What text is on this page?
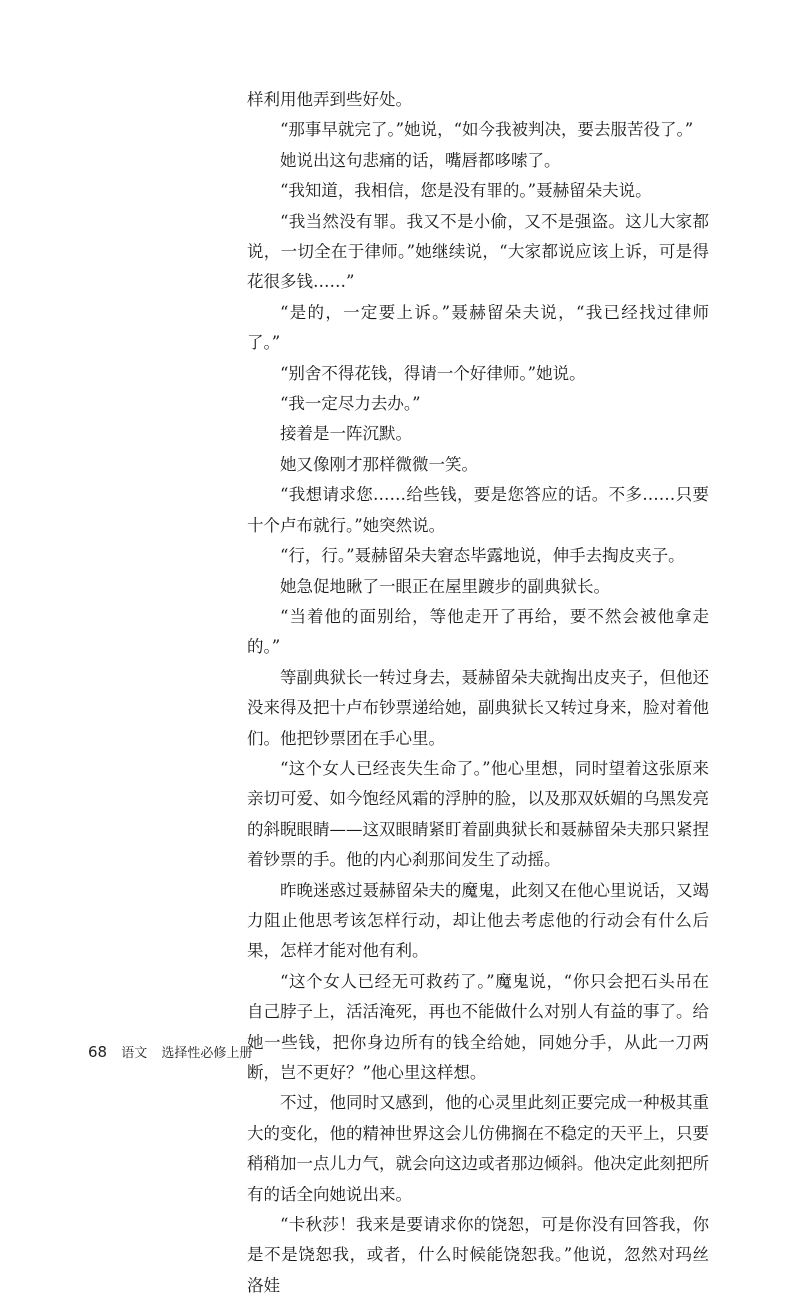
样利用他弄到些好处。

“那事早就完了。”她说，“如今我被判决，要去服苦役了。”

她说出这句悲痛的话，嘴唇都哆嗦了。

“我知道，我相信，您是没有罪的。”聂赫留朵夫说。

“我当然没有罪。我又不是小偷，又不是强盗。这儿大家都说，一切全在于律师。”她继续说，“大家都说应该上诉，可是得花很多钱……”

“是的，一定要上诉。”聂赫留朵夫说，“我已经找过律师了。”

“别舍不得花钱，得请一个好律师。”她说。

“我一定尽力去办。”

接着是一阵沉默。

她又像刚才那样微微一笑。

“我想请求您……给些钱，要是您答应的话。不多……只要十个卢布就行。”她突然说。

“行，行。”聂赫留朵夫窘态毕露地说，伸手去掏皮夹子。

她急促地瞅了一眼正在屋里踱步的副典狱长。

“当着他的面别给，等他走开了再给，要不然会被他拿走的。”

等副典狱长一转过身去，聂赫留朵夫就掏出皮夹子，但他还没来得及把十卢布钞票递给她，副典狱长又转过身来，脸对着他们。他把钞票团在手心里。

“这个女人已经丧失生命了。”他心里想，同时望着这张原来亲切可爱、如今饱经风霜的浮肿的脸，以及那双妖媚的乌黑发亮的斜睨眼睛——这双眼睛紧盯着副典狱长和聂赫留朵夫那只紧捏着钞票的手。他的内心刹那间发生了动摇。

昨晚迷惑过聂赫留朵夫的魔鬼，此刻又在他心里说话，又竭力阻止他思考该怎样行动，却让他去考虑他的行动会有什么后果，怎样才能对他有利。

“这个女人已经无可救药了。”魔鬼说，“你只会把石头吊在自己脖子上，活活淹死，再也不能做什么对别人有益的事了。给她一些钱，把你身边所有的钱全给她，同她分手，从此一刀两断，岂不更好？”他心里这样想。

不过，他同时又感到，他的心灵里此刻正要完成一种极其重大的变化，他的精神世界这会儿仿佛搁在不稳定的天平上，只要稍稍加一点儿力气，就会向这边或者那边倾斜。他决定此刻把所有的话全向她说出来。

“卡秋莎！我来是要请求你的饶恕，可是你没有回答我，你是不是饶恕我，或者，什么时候能饶恕我。”他说，忽然对玛丝洛娃

68 语文 选择性必修上册
